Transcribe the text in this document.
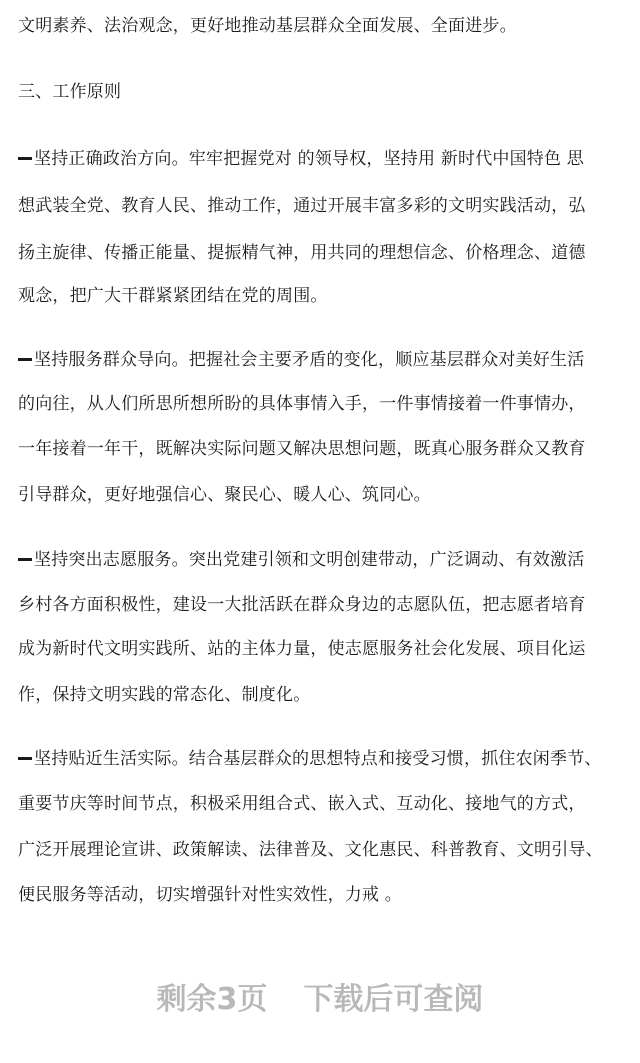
文明素养、法治观念，更好地推动基层群众全面发展、全面进步。
三、工作原则
坚持正确政治方向。牢牢把握党对 的领导权，坚持用 新时代中国特色 思
想武装全党、教育人民、推动工作，通过开展丰富多彩的文明实践活动，弘
扬主旋律、传播正能量、提振精气神，用共同的理想信念、价格理念、道德
观念，把广大干群紧紧团结在党的周围。
坚持服务群众导向。把握社会主要矛盾的变化，顺应基层群众对美好生活
的向往，从人们所思所想所盼的具体事情入手，一件事情接着一件事情办，
一年接着一年干，既解决实际问题又解决思想问题，既真心服务群众又教育
引导群众，更好地强信心、聚民心、暖人心、筑同心。
坚持突出志愿服务。突出党建引领和文明创建带动，广泛调动、有效激活
乡村各方面积极性，建设一大批活跃在群众身边的志愿队伍，把志愿者培育
成为新时代文明实践所、站的主体力量，使志愿服务社会化发展、项目化运
作，保持文明实践的常态化、制度化。
坚持贴近生活实际。结合基层群众的思想特点和接受习惯，抓住农闲季节、
重要节庆等时间节点，积极采用组合式、嵌入式、互动化、接地气的方式，
广泛开展理论宣讲、政策解读、法律普及、文化惠民、科普教育、文明引导、
便民服务等活动，切实增强针对性实效性，力戒 。
剩余3页 下载后可查阅
